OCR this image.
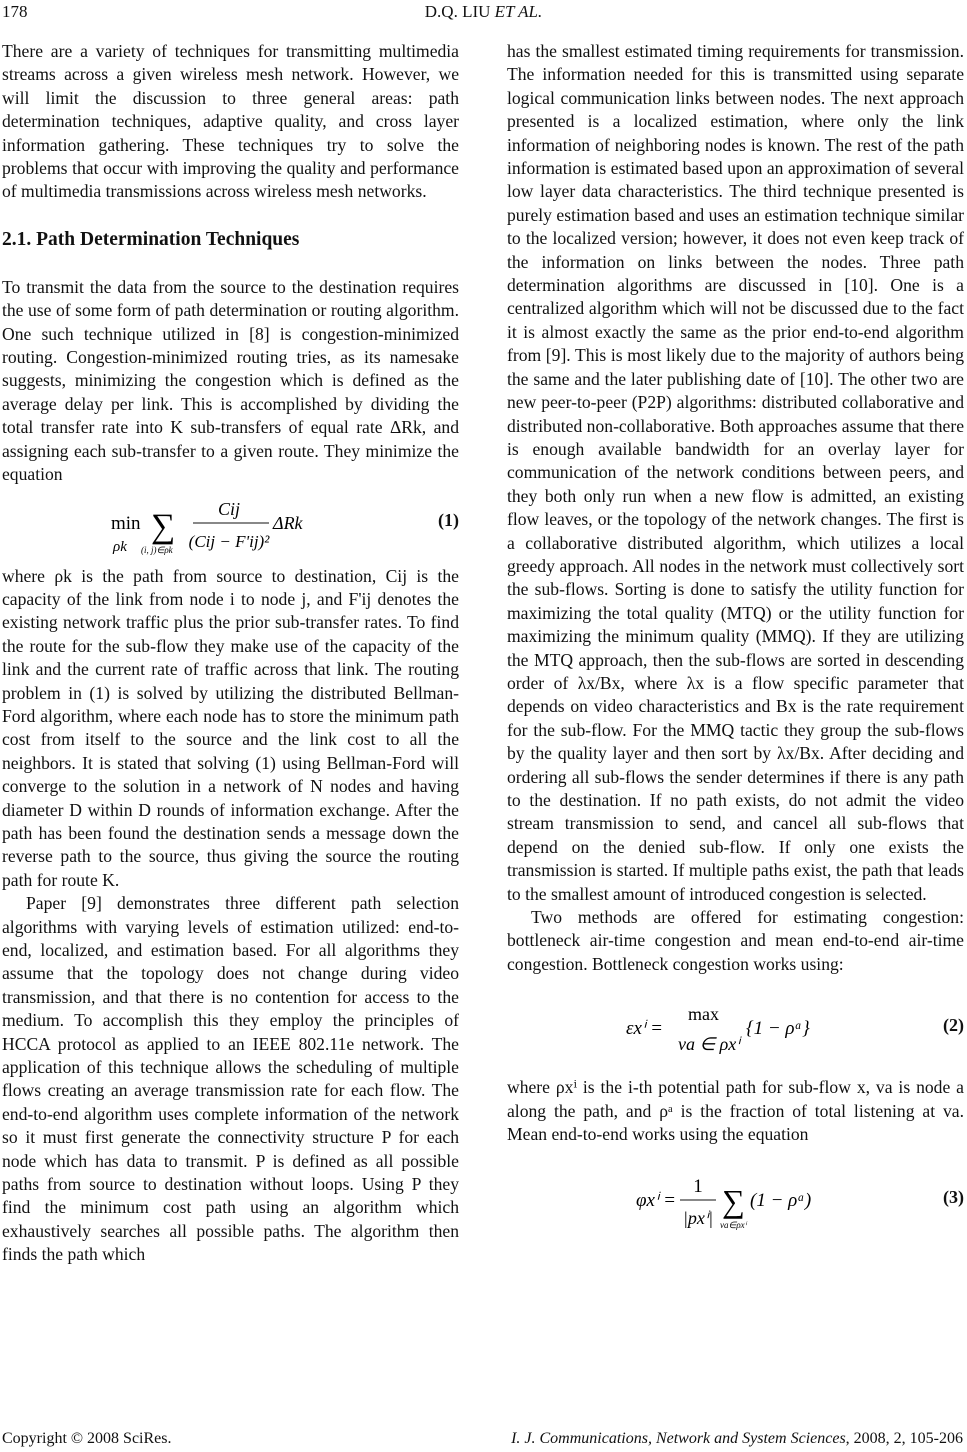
178	D.Q. LIU ET AL.

There are a variety of techniques for transmitting multimedia streams across a given wireless mesh network. However, we will limit the discussion to three general areas: path determination techniques, adaptive quality, and cross layer information gathering. These techniques try to solve the problems that occur with improving the quality and performance of multimedia transmissions across wireless mesh networks.

2.1. Path Determination Techniques

To transmit the data from the source to the destination requires the use of some form of path determination or routing algorithm. One such technique utilized in [8] is congestion-minimized routing. Congestion-minimized routing tries, as its namesake suggests, minimizing the congestion which is defined as the average delay per link. This is accomplished by dividing the total transfer rate into K sub-transfers of equal rate ΔRk, and assigning each sub-transfer to a given route. They minimize the equation

min
ρk
∑
(i, j)∈ρk
Cij
(Cij − F'ij)²
ΔRk	(1)

where ρk is the path from source to destination, Cij is the capacity of the link from node i to node j, and F'ij denotes the existing network traffic plus the prior sub-transfer rates. To find the route for the sub-flow they make use of the capacity of the link and the current rate of traffic across that link. The routing problem in (1) is solved by utilizing the distributed Bellman-Ford algorithm, where each node has to store the minimum path cost from itself to the source and the link cost to all the neighbors. It is stated that solving (1) using Bellman-Ford will converge to the solution in a network of N nodes and having diameter D within D rounds of information exchange. After the path has been found the destination sends a message down the reverse path to the source, thus giving the source the routing path for route K.

Paper [9] demonstrates three different path selection algorithms with varying levels of estimation utilized: end-to-end, localized, and estimation based. For all algorithms they assume that the topology does not change during video transmission, and that there is no contention for access to the medium. To accomplish this they employ the principles of HCCA protocol as applied to an IEEE 802.11e network. The application of this technique allows the scheduling of multiple flows creating an average transmission rate for each flow. The end-to-end algorithm uses complete information of the network so it must first generate the connectivity structure P for each node which has data to transmit. P is defined as all possible paths from source to destination without loops. Using P they find the minimum cost path using an algorithm which exhaustively searches all possible paths. The algorithm then finds the path which

has the smallest estimated timing requirements for transmission. The information needed for this is transmitted using separate logical communication links between nodes. The next approach presented is a localized estimation, where only the link information of neighboring nodes is known. The rest of the path information is estimated based upon an approximation of several low layer data characteristics. The third technique presented is purely estimation based and uses an estimation technique similar to the localized version; however, it does not even keep track of the information on links between the nodes. Three path determination algorithms are discussed in [10]. One is a centralized algorithm which will not be discussed due to the fact it is almost exactly the same as the prior end-to-end algorithm from [9]. This is most likely due to the majority of authors being the same and the later publishing date of [10]. The other two are new peer-to-peer (P2P) algorithms: distributed collaborative and distributed non-collaborative. Both approaches assume that there is enough available bandwidth for an overlay layer for communication of the network conditions between peers, and they both only run when a new flow is admitted, an existing flow leaves, or the topology of the network changes. The first is a collaborative distributed algorithm, which utilizes a local greedy approach. All nodes in the network must collectively sort the sub-flows. Sorting is done to satisfy the utility function for maximizing the total quality (MTQ) or the utility function for maximizing the minimum quality (MMQ). If they are utilizing the MTQ approach, then the sub-flows are sorted in descending order of λx/Bx, where λx is a flow specific parameter that depends on video characteristics and Bx is the rate requirement for the sub-flow. For the MMQ tactic they group the sub-flows by the quality layer and then sort by λx/Bx. After deciding and ordering all sub-flows the sender determines if there is any path to the destination. If no path exists, do not admit the video stream transmission to send, and cancel all sub-flows that depend on the denied sub-flow. If only one exists the transmission is started. If multiple paths exist, the path that leads to the smallest amount of introduced congestion is selected.

Two methods are offered for estimating congestion: bottleneck air-time congestion and mean end-to-end air-time congestion. Bottleneck congestion works using:

εxⁱ =
max
va ∈ ρxⁱ
{1 − ρᵃ}	(2)

where ρxⁱ is the i-th potential path for sub-flow x, va is node a along the path, and ρᵃ is the fraction of total listening at va. Mean end-to-end works using the equation

φxⁱ =
1
|pxⁱ| ∑
va∈ρxⁱ
(1 − ρᵃ)	(3)
Copyright © 2008 SciRes.	I. J. Communications, Network and System Sciences, 2008, 2, 105-206
